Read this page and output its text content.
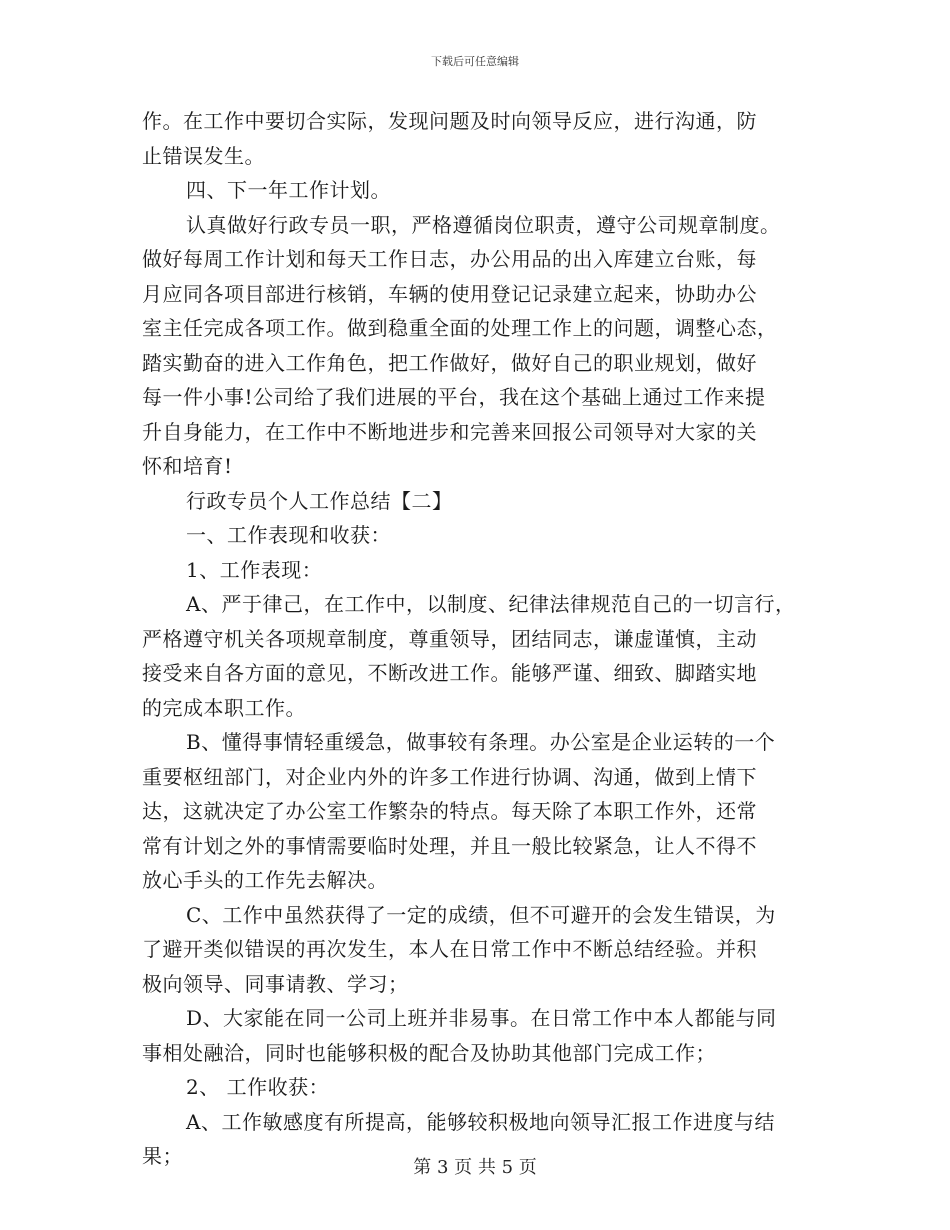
下载后可任意编辑
作。在工作中要切合实际，发现问题及时向领导反应，进行沟通，防
止错误发生。
四、下一年工作计划。
认真做好行政专员一职，严格遵循岗位职责，遵守公司规章制度。
做好每周工作计划和每天工作日志，办公用品的出入库建立台账，每
月应同各项目部进行核销，车辆的使用登记记录建立起来，协助办公
室主任完成各项工作。做到稳重全面的处理工作上的问题，调整心态，
踏实勤奋的进入工作角色，把工作做好，做好自己的职业规划，做好
每一件小事!公司给了我们进展的平台，我在这个基础上通过工作来提
升自身能力，在工作中不断地进步和完善来回报公司领导对大家的关
怀和培育!
行政专员个人工作总结【二】
一、工作表现和收获：
1、工作表现：
A、严于律己，在工作中，以制度、纪律法律规范自己的一切言行，
严格遵守机关各项规章制度，尊重领导，团结同志，谦虚谨慎，主动
接受来自各方面的意见，不断改进工作。能够严谨、细致、脚踏实地
的完成本职工作。
B、懂得事情轻重缓急，做事较有条理。办公室是企业运转的一个
重要枢纽部门，对企业内外的许多工作进行协调、沟通，做到上情下
达，这就决定了办公室工作繁杂的特点。每天除了本职工作外，还常
常有计划之外的事情需要临时处理，并且一般比较紧急，让人不得不
放心手头的工作先去解决。
C、工作中虽然获得了一定的成绩，但不可避开的会发生错误，为
了避开类似错误的再次发生，本人在日常工作中不断总结经验。并积
极向领导、同事请教、学习；
D、大家能在同一公司上班并非易事。在日常工作中本人都能与同
事相处融洽，同时也能够积极的配合及协助其他部门完成工作；
2、 工作收获：
A、工作敏感度有所提高，能够较积极地向领导汇报工作进度与结
果；	第 3 页 共 5 页
